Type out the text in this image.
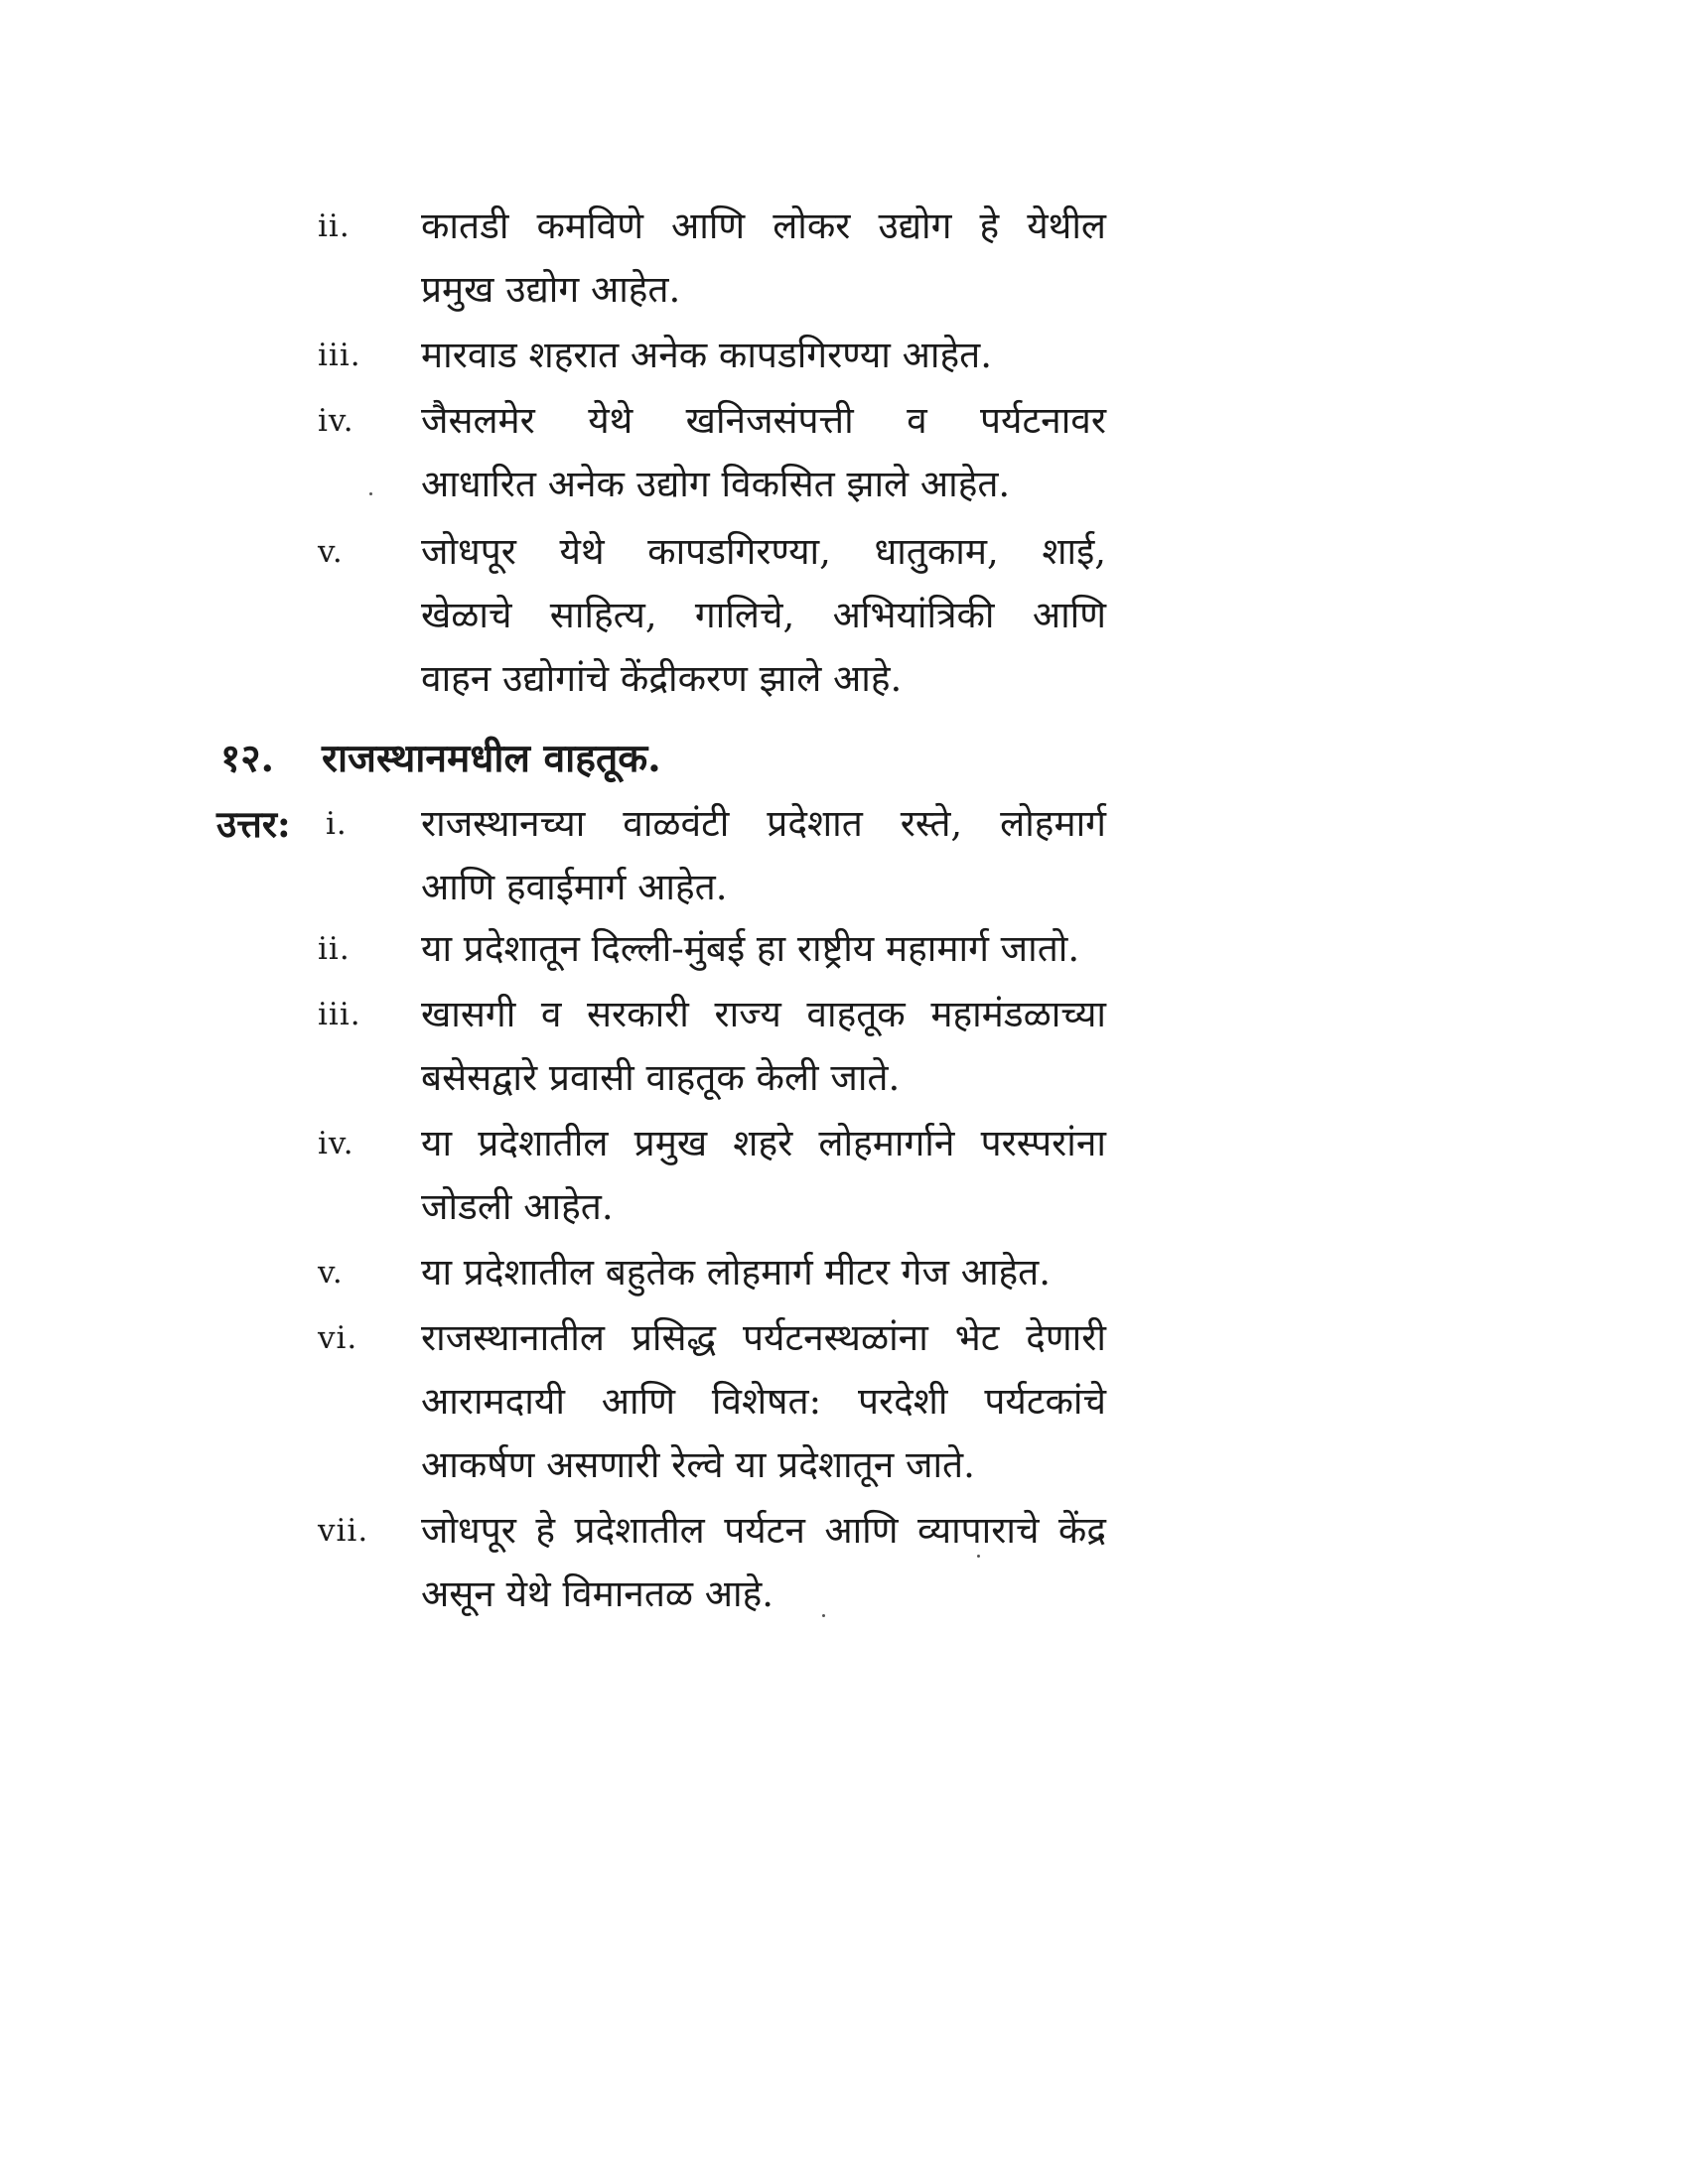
ii. कातडी कमविणे आणि लोकर उद्योग हे येथील
प्रमुख उद्योग आहेत.
iii. मारवाड शहरात अनेक कापडगिरण्या आहेत.
iv. जैसलमेर येथे खनिजसंपत्ती व पर्यटनावर
आधारित अनेक उद्योग विकसित झाले आहेत.
v. जोधपूर येथे कापडगिरण्या, धातुकाम, शाई,
खेळाचे साहित्य, गालिचे, अभियांत्रिकी आणि
वाहन उद्योगांचे केंद्रीकरण झाले आहे.
१२. राजस्थानमधील वाहतूक.
उत्तर: i. राजस्थानच्या वाळवंटी प्रदेशात रस्ते, लोहमार्ग
आणि हवाईमार्ग आहेत.
ii. या प्रदेशातून दिल्ली-मुंबई हा राष्ट्रीय महामार्ग जातो.
iii. खासगी व सरकारी राज्य वाहतूक महामंडळाच्या
बसेसद्वारे प्रवासी वाहतूक केली जाते.
iv. या प्रदेशातील प्रमुख शहरे लोहमार्गाने परस्परांना
जोडली आहेत.
v. या प्रदेशातील बहुतेक लोहमार्ग मीटर गेज आहेत.
vi. राजस्थानातील प्रसिद्ध पर्यटनस्थळांना भेट देणारी
आरामदायी आणि विशेषत: परदेशी पर्यटकांचे
आकर्षण असणारी रेल्वे या प्रदेशातून जाते.
vii. जोधपूर हे प्रदेशातील पर्यटन आणि व्यापाराचे केंद्र
असून येथे विमानतळ आहे.
